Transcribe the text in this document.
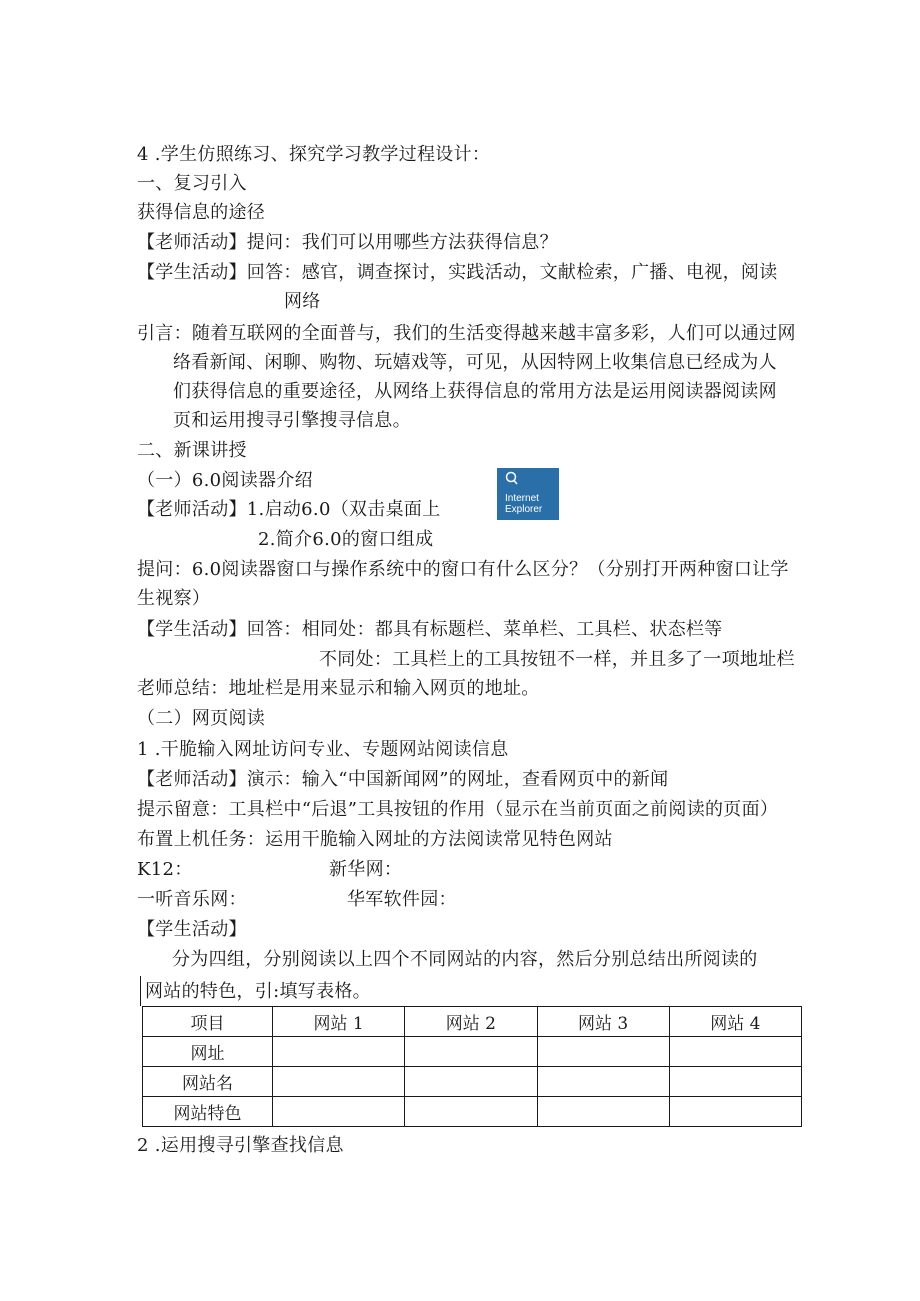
4 .学生仿照练习、探究学习教学过程设计：
一、复习引入
获得信息的途径
【老师活动】提问：我们可以用哪些方法获得信息？
【学生活动】回答：感官，调查探讨，实践活动，文献检索，广播、电视，阅读
网络
引言：随着互联网的全面普与，我们的生活变得越来越丰富多彩，人们可以通过网
络看新闻、闲聊、购物、玩嬉戏等，可见，从因特网上收集信息已经成为人
们获得信息的重要途径，从网络上获得信息的常用方法是运用阅读器阅读网
页和运用搜寻引擎搜寻信息。
二、新课讲授
（一）6.0阅读器介绍
【老师活动】1.启动6.0（双击桌面上
2.简介6.0的窗口组成
Internet
Explorer
提问：6.0阅读器窗口与操作系统中的窗口有什么区分？（分别打开两种窗口让学
生视察）
【学生活动】回答：相同处：都具有标题栏、菜单栏、工具栏、状态栏等
不同处：工具栏上的工具按钮不一样，并且多了一项地址栏
老师总结：地址栏是用来显示和输入网页的地址。
（二）网页阅读
1 .干脆输入网址访问专业、专题网站阅读信息
【老师活动】演示：输入“中国新闻网”的网址，查看网页中的新闻
提示留意：工具栏中“后退”工具按钮的作用（显示在当前页面之前阅读的页面）
布置上机任务：运用干脆输入网址的方法阅读常见特色网站
K12：	新华网：
一听音乐网：	华军软件园：
【学生活动】
分为四组，分别阅读以上四个不同网站的内容，然后分别总结出所阅读的
网站的特色，引:填写表格。
项目	网站 1	网站 2	网站 3	网站 4
网址				
网站名				
网站特色				
2 .运用搜寻引擎查找信息
